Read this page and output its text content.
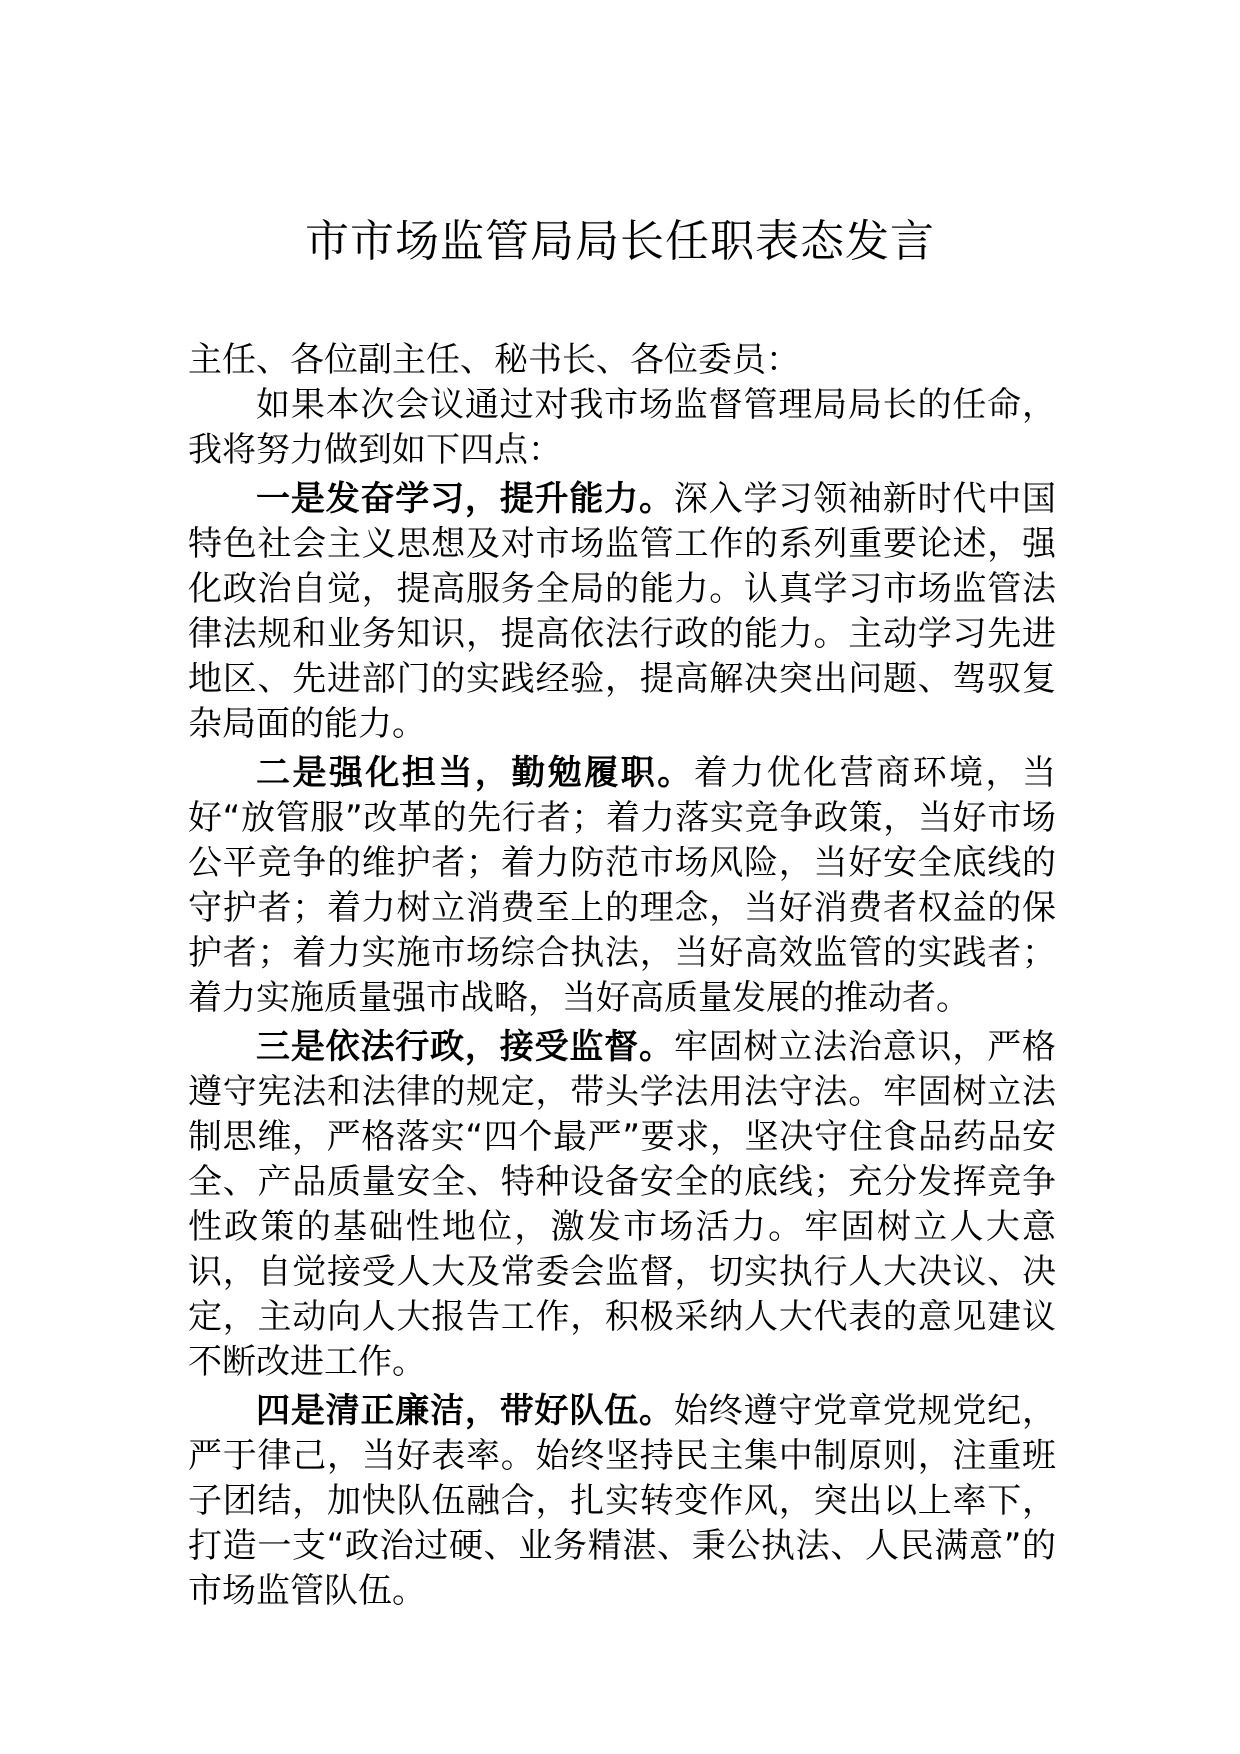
市市场监管局局长任职表态发言

主任、各位副主任、秘书长、各位委员：

如果本次会议通过对我市场监督管理局局长的任命，我将努力做到如下四点：

一是发奋学习，提升能力。深入学习领袖新时代中国特色社会主义思想及对市场监管工作的系列重要论述，强化政治自觉，提高服务全局的能力。认真学习市场监管法律法规和业务知识，提高依法行政的能力。主动学习先进地区、先进部门的实践经验，提高解决突出问题、驾驭复杂局面的能力。

二是强化担当，勤勉履职。着力优化营商环境，当好“放管服”改革的先行者；着力落实竞争政策，当好市场公平竞争的维护者；着力防范市场风险，当好安全底线的守护者；着力树立消费至上的理念，当好消费者权益的保护者；着力实施市场综合执法，当好高效监管的实践者；着力实施质量强市战略，当好高质量发展的推动者。

三是依法行政，接受监督。牢固树立法治意识，严格遵守宪法和法律的规定，带头学法用法守法。牢固树立法制思维，严格落实“四个最严”要求，坚决守住食品药品安全、产品质量安全、特种设备安全的底线；充分发挥竞争性政策的基础性地位，激发市场活力。牢固树立人大意识，自觉接受人大及常委会监督，切实执行人大决议、决定，主动向人大报告工作，积极采纳人大代表的意见建议不断改进工作。

四是清正廉洁，带好队伍。始终遵守党章党规党纪，严于律己，当好表率。始终坚持民主集中制原则，注重班子团结，加快队伍融合，扎实转变作风，突出以上率下，打造一支“政治过硬、业务精湛、秉公执法、人民满意”的市场监管队伍。
